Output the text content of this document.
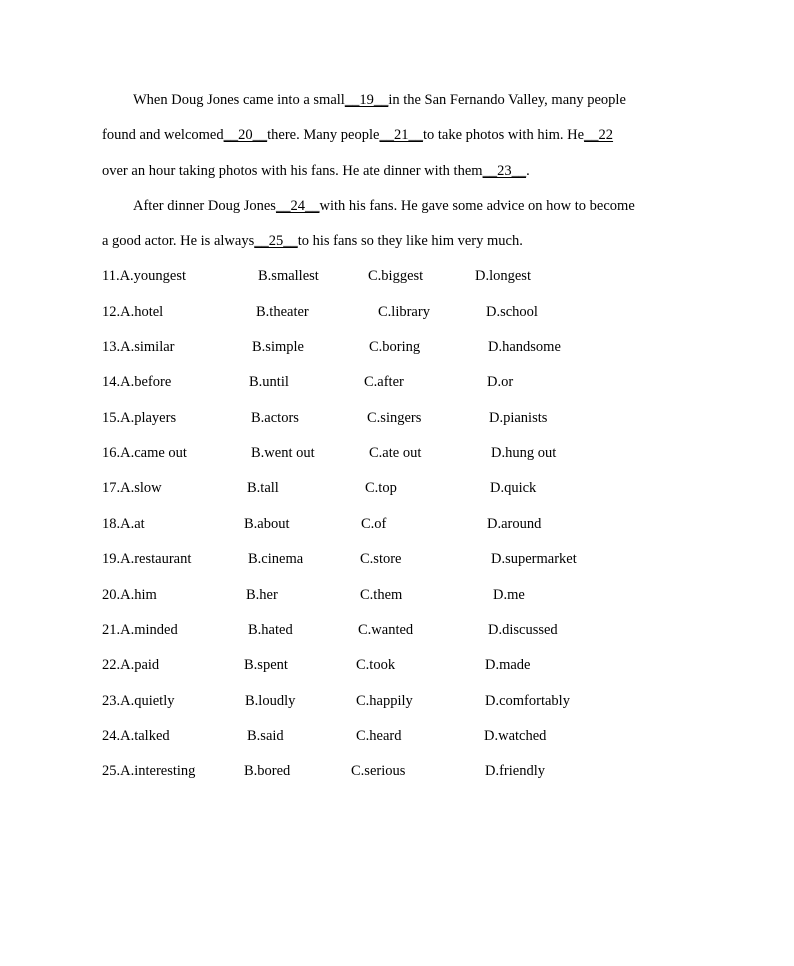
When Doug Jones came into a small__19__in the San Fernando Valley, many people
found and welcomed__20__there. Many people__21__to take photos with him. He__22
over an hour taking photos with his fans. He ate dinner with them__23__.
After dinner Doug Jones__24__with his fans. He gave some advice on how to become
a good actor. He is always__25__to his fans so they like him very much.
11.A.youngest	B.smallest	C.biggest	D.longest
12.A.hotel	B.theater	C.library	D.school
13.A.similar	B.simple	C.boring	D.handsome
14.A.before	B.until	C.after	D.or
15.A.players	B.actors	C.singers	D.pianists
16.A.came out	B.went out	C.ate out	D.hung out
17.A.slow	B.tall	C.top	D.quick
18.A.at	B.about	C.of	D.around
19.A.restaurant	B.cinema	C.store	D.supermarket
20.A.him	B.her	C.them	D.me
21.A.minded	B.hated	C.wanted	D.discussed
22.A.paid	B.spent	C.took	D.made
23.A.quietly	B.loudly	C.happily	D.comfortably
24.A.talked	B.said	C.heard	D.watched
25.A.interesting	B.bored	C.serious	D.friendly
